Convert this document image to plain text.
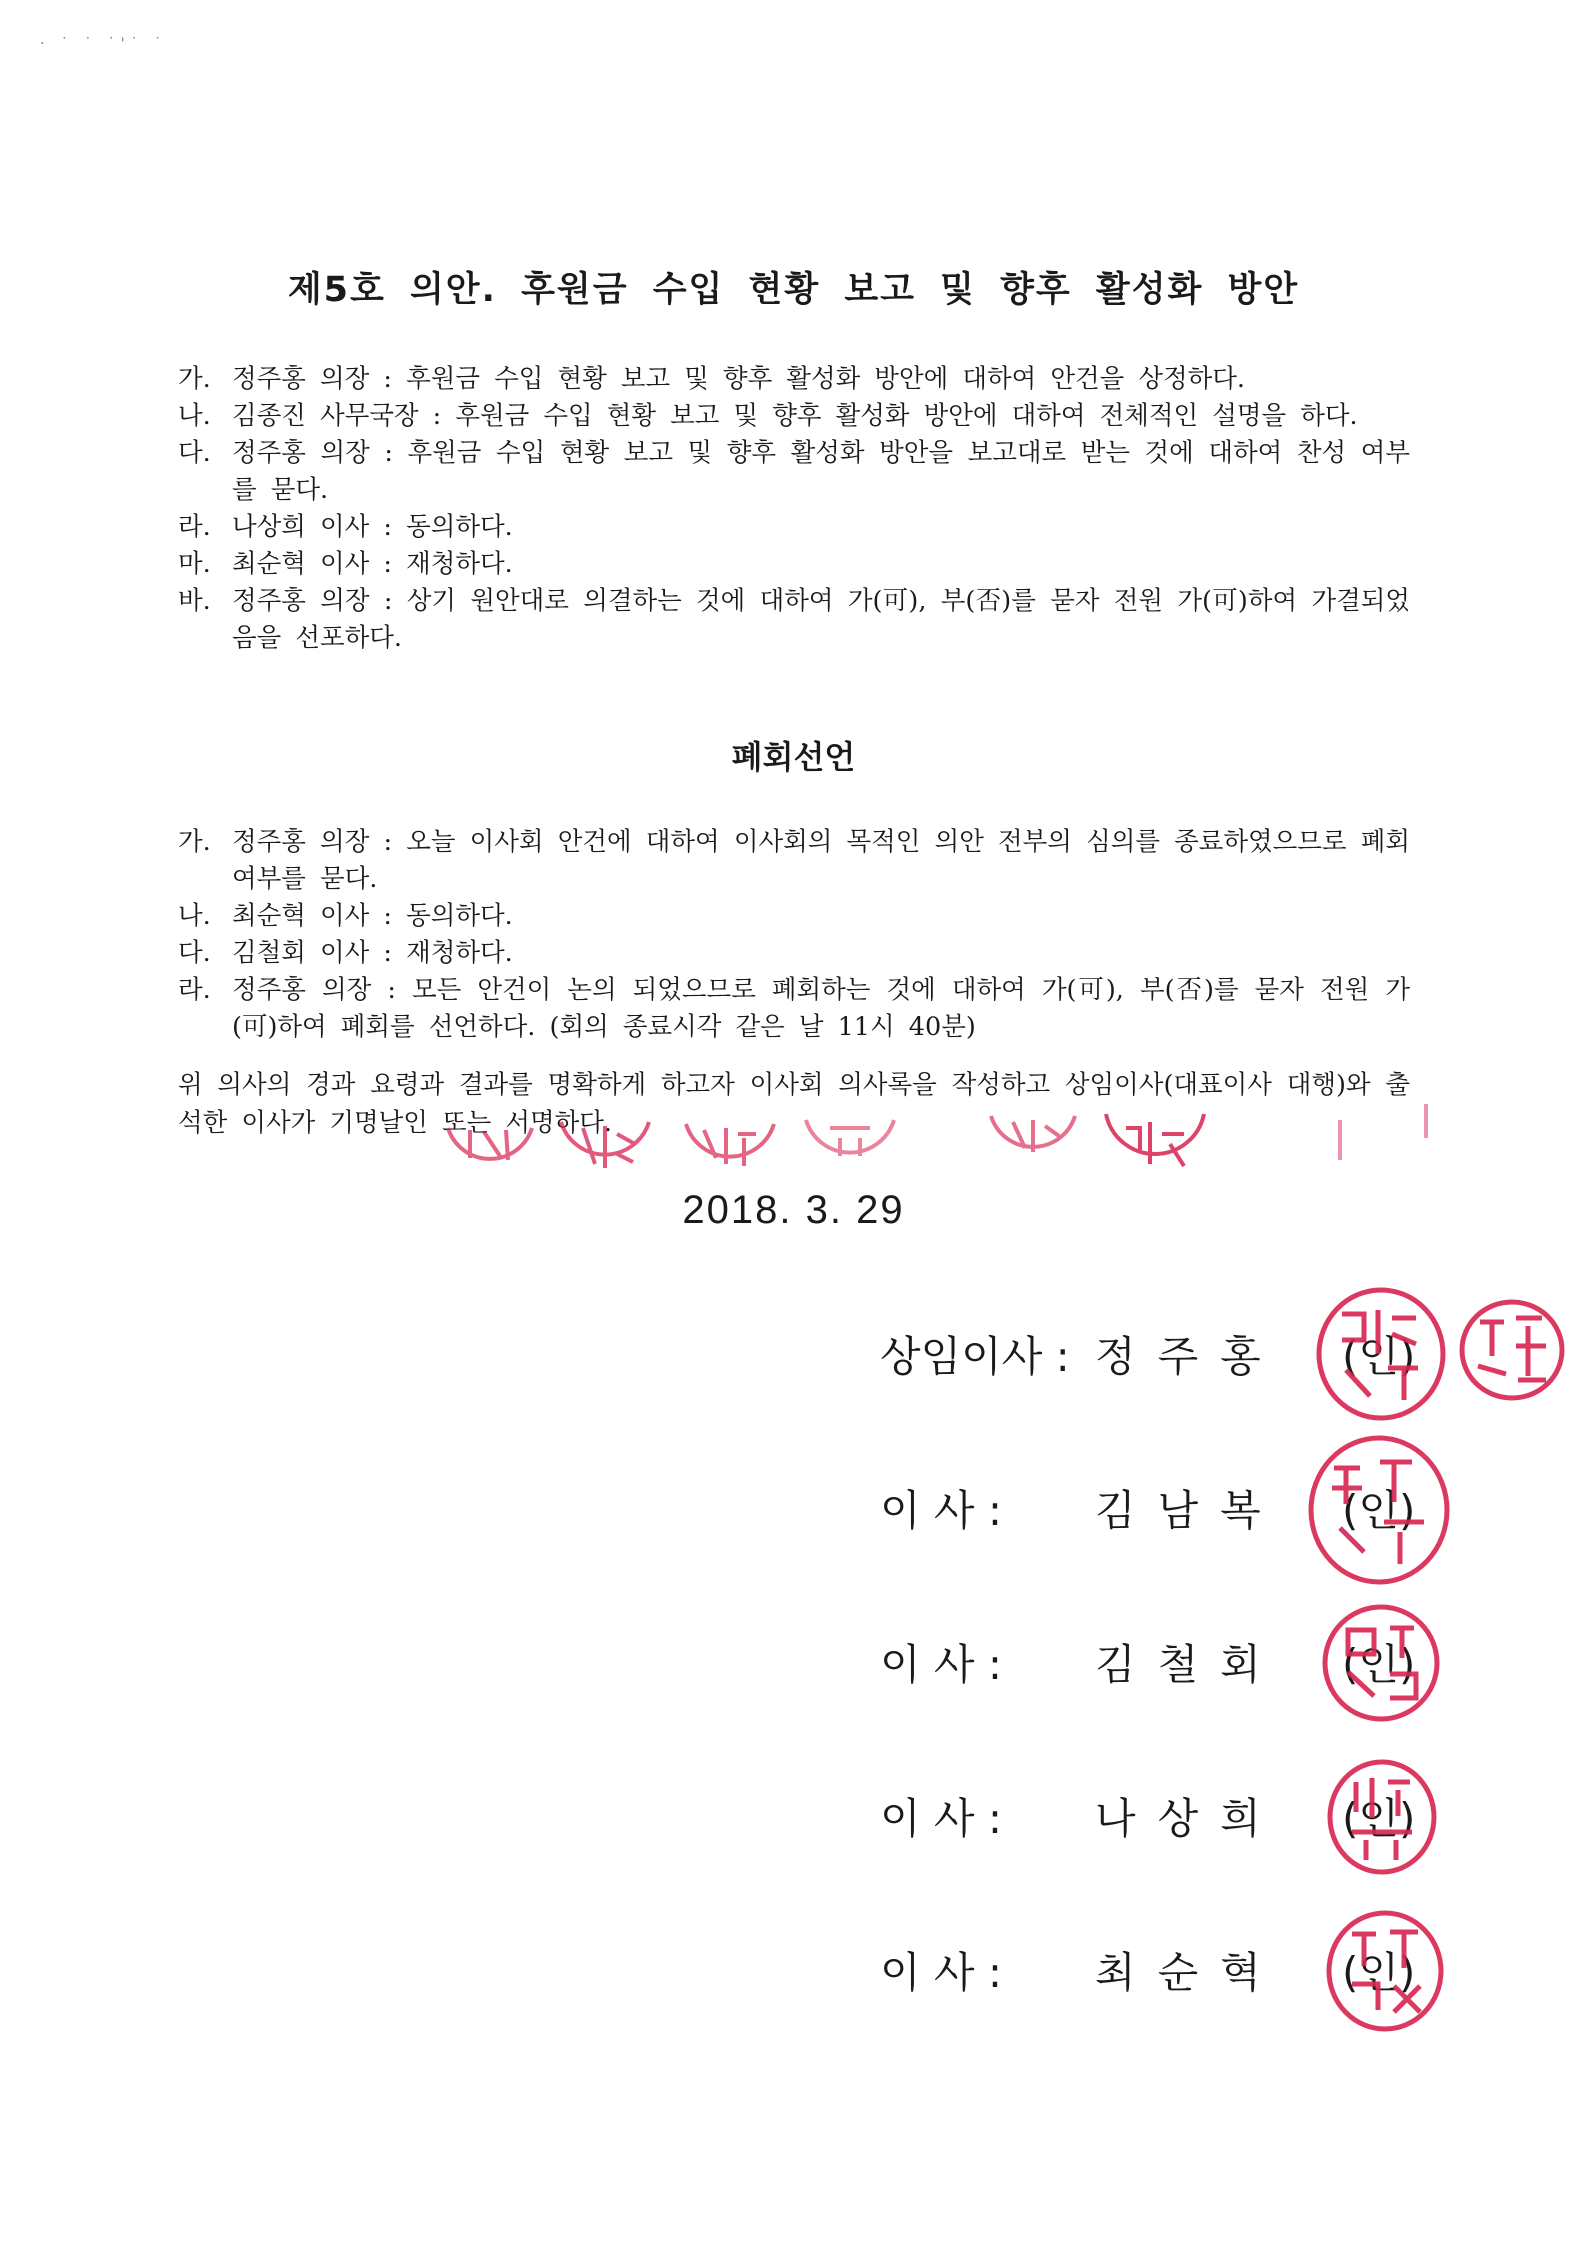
· ˙ ˙ ˙'˙ ˙
제5호 의안. 후원금 수입 현황 보고 및 향후 활성화 방안
가. 정주홍 의장 : 후원금 수입 현황 보고 및 향후 활성화 방안에 대하여 안건을 상정하다.
나. 김종진 사무국장 : 후원금 수입 현황 보고 및 향후 활성화 방안에 대하여 전체적인 설명을 하다.
다. 정주홍 의장 : 후원금 수입 현황 보고 및 향후 활성화 방안을 보고대로 받는 것에 대하여 찬성 여부를 묻다.
라. 나상희 이사 : 동의하다.
마. 최순혁 이사 : 재청하다.
바. 정주홍 의장 : 상기 원안대로 의결하는 것에 대하여 가(可), 부(否)를 묻자 전원 가(可)하여 가결되었음을 선포하다.
폐회선언
가. 정주홍 의장 : 오늘 이사회 안건에 대하여 이사회의 목적인 의안 전부의 심의를 종료하였으므로 폐회 여부를 묻다.
나. 최순혁 이사 : 동의하다.
다. 김철회 이사 : 재청하다.
라. 정주홍 의장 : 모든 안건이 논의 되었으므로 폐회하는 것에 대하여 가(可), 부(否)를 묻자 전원 가(可)하여 폐회를 선언하다. (회의 종료시각 같은 날 11시 40분)
위 의사의 경과 요령과 결과를 명확하게 하고자 이사회 의사록을 작성하고 상임이사(대표이사 대행)와 출석한 이사가 기명날인 또는 서명하다.
2018. 3. 29
상임이사 : 정주홍 (인)
이 사 : 김남복 (인)
이 사 : 김철회 (인)
이 사 : 나상희 (인)
이 사 : 최순혁 (인)
